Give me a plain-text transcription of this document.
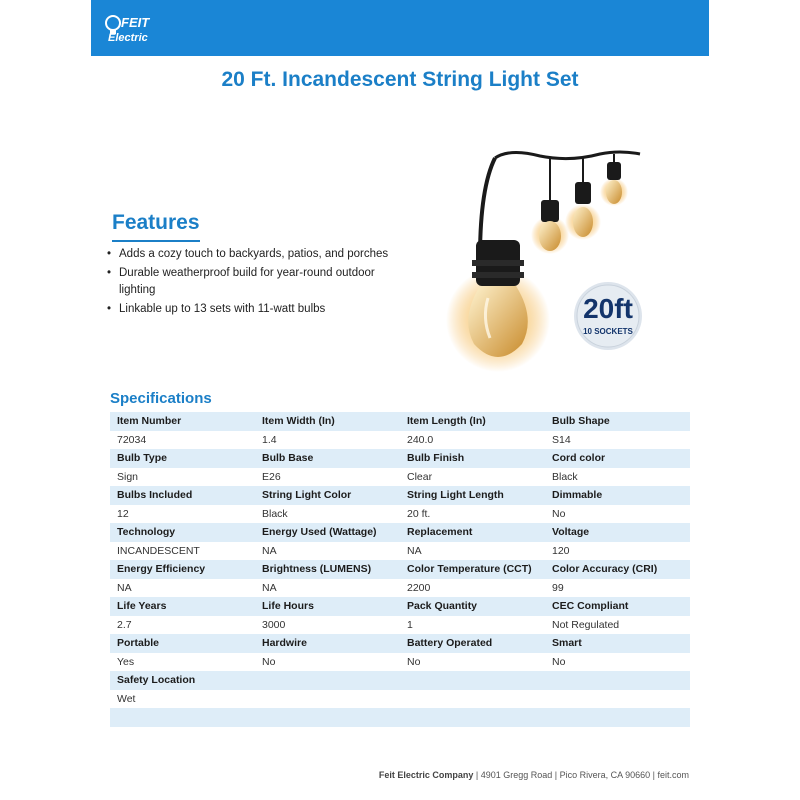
FEIT
Electric
20 Ft. Incandescent String Light Set
Features
• Adds a cozy touch to backyards, patios, and porches
• Durable weatherproof build for year-round outdoor lighting
• Linkable up to 13 sets with 11-watt bulbs	20ft
10 SOCKETS
Specifications
Item Number	Item Width (In)	Item Length (In)	Bulb Shape
72034	1.4	240.0	S14
Bulb Type	Bulb Base	Bulb Finish	Cord color
Sign	E26	Clear	Black
Bulbs Included	String Light Color	String Light Length	Dimmable
12	Black	20 ft.	No
Technology	Energy Used (Wattage)	Replacement	Voltage
INCANDESCENT	NA	NA	120
Energy Efficiency	Brightness (LUMENS)	Color Temperature (CCT)	Color Accuracy (CRI)
NA	NA	2200	99
Life Years	Life Hours	Pack Quantity	CEC Compliant
2.7	3000	1	Not Regulated
Portable	Hardwire	Battery Operated	Smart
Yes	No	No	No
Safety Location			
Wet			

Feit Electric Company | 4901 Gregg Road | Pico Rivera, CA 90660 | feit.com
